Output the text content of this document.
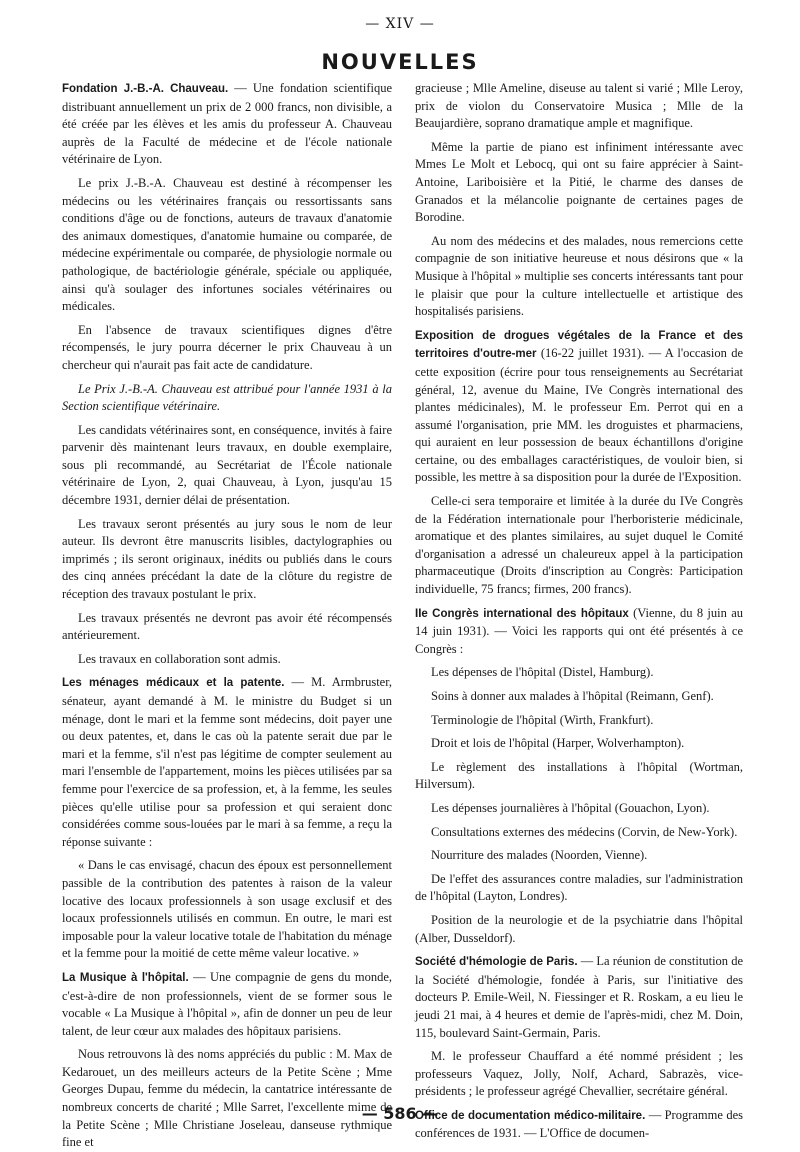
— XIV —
NOUVELLES

Fondation J.-B.-A. Chauveau. — Une fondation scientifique distribuant annuellement un prix de 2 000 francs, non divisible, a été créée par les élèves et les amis du professeur A. Chauveau auprès de la Faculté de médecine et de l'école nationale vétérinaire de Lyon.

Le prix J.-B.-A. Chauveau est destiné à récompenser les médecins ou les vétérinaires français ou ressortissants sans conditions d'âge ou de fonctions, auteurs de travaux d'anatomie des animaux domestiques, d'anatomie humaine ou comparée, de médecine expérimentale ou comparée, de physiologie normale ou pathologique, de bactériologie générale, spéciale ou appliquée, ainsi qu'à soulager des infortunes sociales vétérinaires ou médicales.

En l'absence de travaux scientifiques dignes d'être récompensés, le jury pourra décerner le prix Chauveau à un chercheur qui n'aurait pas fait acte de candidature.

Le Prix J.-B.-A. Chauveau est attribué pour l'année 1931 à la Section scientifique vétérinaire.

Les candidats vétérinaires sont, en conséquence, invités à faire parvenir dès maintenant leurs travaux, en double exemplaire, sous pli recommandé, au Secrétariat de l'École nationale vétérinaire de Lyon, 2, quai Chauveau, à Lyon, jusqu'au 15 décembre 1931, dernier délai de présentation.

Les travaux seront présentés au jury sous le nom de leur auteur. Ils devront être manuscrits lisibles, dactylographies ou imprimés ; ils seront originaux, inédits ou publiés dans le cours des cinq années précédant la date de la clôture du registre de réception des travaux postulant le prix.

Les travaux présentés ne devront pas avoir été récompensés antérieurement.

Les travaux en collaboration sont admis.

Les ménages médicaux et la patente. — M. Armbruster, sénateur, ayant demandé à M. le ministre du Budget si un ménage, dont le mari et la femme sont médecins, doit payer une ou deux patentes, et, dans le cas où la patente serait due par le mari et la femme, s'il n'est pas légitime de compter seulement au mari l'ensemble de l'appartement, moins les pièces utilisées par sa femme pour l'exercice de sa profession, et, à la femme, les seules pièces qu'elle utilise pour sa profession et qui seraient donc considérées comme sous-louées par le mari à sa femme, a reçu la réponse suivante :

« Dans le cas envisagé, chacun des époux est personnellement passible de la contribution des patentes à raison de la valeur locative des locaux professionnels à son usage exclusif et des locaux professionnels utilisés en commun. En outre, le mari est imposable pour la valeur locative totale de l'habitation du ménage et la femme pour la moitié de cette même valeur locative. »

La Musique à l'hôpital. — Une compagnie de gens du monde, c'est-à-dire de non professionnels, vient de se former sous le vocable « La Musique à l'hôpital », afin de donner un peu de leur talent, de leur cœur aux malades des hôpitaux parisiens.

Nous retrouvons là des noms appréciés du public : M. Max de Kedarouet, un des meilleurs acteurs de la Petite Scène ; Mme Georges Dupau, femme du médecin, la cantatrice intéressante de nombreux concerts de charité ; Mlle Sarret, l'excellente mime de la Petite Scène ; Mlle Christiane Joseleau, danseuse rythmique fine et

gracieuse ; Mlle Ameline, diseuse au talent si varié ; Mlle Leroy, prix de violon du Conservatoire Musica ; Mlle de la Beaujardière, soprano dramatique ample et magnifique.

Même la partie de piano est infiniment intéressante avec Mmes Le Molt et Lebocq, qui ont su faire apprécier à Saint-Antoine, Lariboisière et la Pitié, le charme des danses de Granados et la mélancolie poignante de certaines pages de Borodine.

Au nom des médecins et des malades, nous remercions cette compagnie de son initiative heureuse et nous désirons que « la Musique à l'hôpital » multiplie ses concerts intéressants tant pour le plaisir que pour la culture intellectuelle et artistique des hospitalisés parisiens.

Exposition de drogues végétales de la France et des territoires d'outre-mer (16-22 juillet 1931). — A l'occasion de cette exposition (écrire pour tous renseignements au Secrétariat général, 12, avenue du Maine, IVe Congrès international des plantes médicinales), M. le professeur Em. Perrot qui en a assumé l'organisation, prie MM. les droguistes et pharmaciens, qui auraient en leur possession de beaux échantillons d'origine certaine, ou des emballages caractéristiques, de vouloir bien, si possible, les mettre à sa disposition pour la durée de l'Exposition.

Celle-ci sera temporaire et limitée à la durée du IVe Congrès de la Fédération internationale pour l'herboristerie médicinale, aromatique et des plantes similaires, au sujet duquel le Comité d'organisation a adressé un chaleureux appel à la participation pharmaceutique (Droits d'inscription au Congrès: Participation individuelle, 75 francs; firmes, 200 francs).

IIe Congrès international des hôpitaux (Vienne, du 8 juin au 14 juin 1931). — Voici les rapports qui ont été présentés à ce Congrès :

Les dépenses de l'hôpital (Distel, Hamburg).

Soins à donner aux malades à l'hôpital (Reimann, Genf).

Terminologie de l'hôpital (Wirth, Frankfurt).

Droit et lois de l'hôpital (Harper, Wolverhampton).

Le règlement des installations à l'hôpital (Wortman, Hilversum).

Les dépenses journalières à l'hôpital (Gouachon, Lyon).

Consultations externes des médecins (Corvin, de New-York).

Nourriture des malades (Noorden, Vienne).

De l'effet des assurances contre maladies, sur l'administration de l'hôpital (Layton, Londres).

Position de la neurologie et de la psychiatrie dans l'hôpital (Alber, Dusseldorf).

Société d'hémologie de Paris. — La réunion de constitution de la Société d'hémologie, fondée à Paris, sur l'initiative des docteurs P. Emile-Weil, N. Fiessinger et R. Roskam, a eu lieu le jeudi 21 mai, à 4 heures et demie de l'après-midi, chez M. Doin, 115, boulevard Saint-Germain, Paris.

M. le professeur Chauffard a été nommé président ; les professeurs Vaquez, Jolly, Nolf, Achard, Sabrazès, vice-présidents ; le professeur agrégé Chevallier, secrétaire général.

Office de documentation médico-militaire. — Programme des conférences de 1931. — L'Office de documen-

— 586 —
